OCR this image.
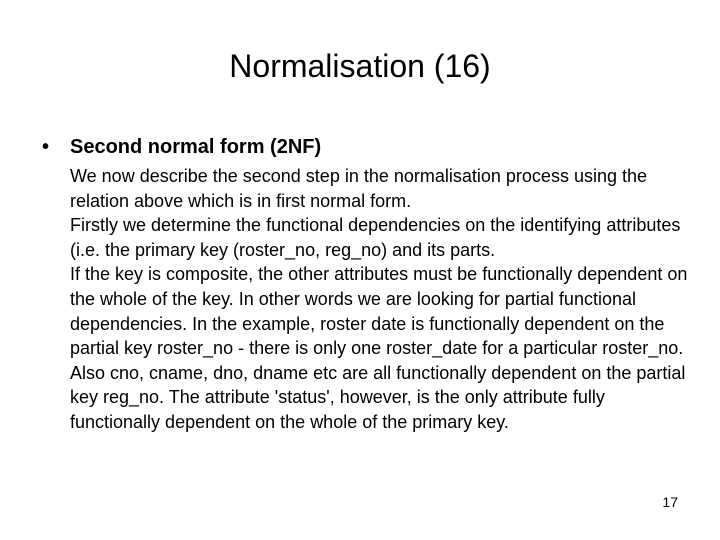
Normalisation (16)
• Second normal form (2NF)

We now describe the second step in the normalisation process using the relation above which is in first normal form.

Firstly we determine the functional dependencies on the identifying attributes (i.e. the primary key (roster_no, reg_no) and its parts.

If the key is composite, the other attributes must be functionally dependent on the whole of the key. In other words we are looking for partial functional dependencies. In the example, roster date is functionally dependent on the partial key roster_no - there is only one roster_date for a particular roster_no. Also cno, cname, dno, dname etc are all functionally dependent on the partial key reg_no. The attribute 'status', however, is the only attribute fully functionally dependent on the whole of the primary key.

17
